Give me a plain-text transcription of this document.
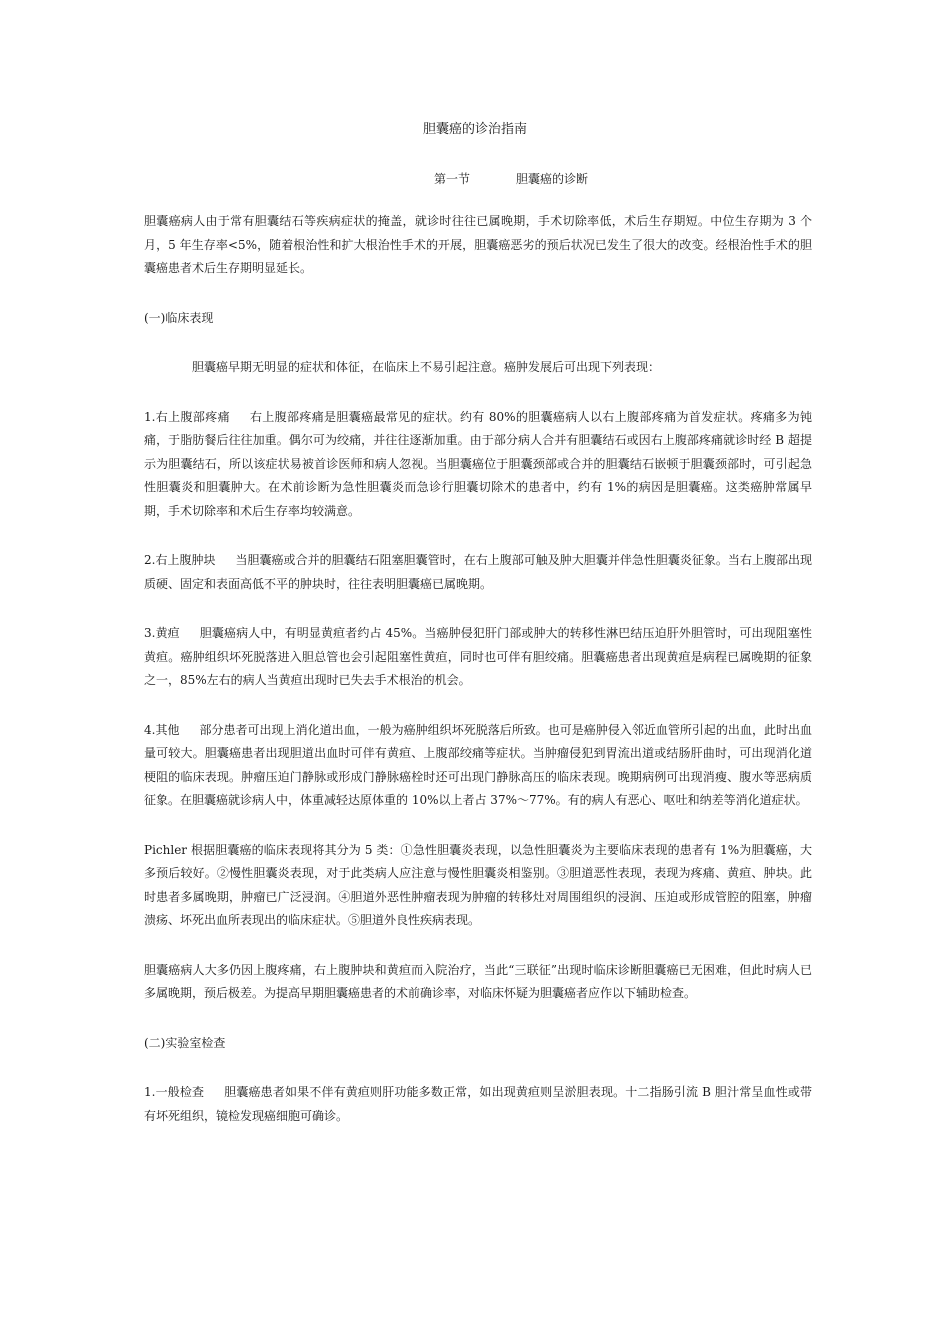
胆囊癌的诊治指南
第一节	胆囊癌的诊断

胆囊癌病人由于常有胆囊结石等疾病症状的掩盖，就诊时往往已属晚期，手术切除率低，术后生存期短。中位生存期为 3 个月，5 年生存率<5%，随着根治性和扩大根治性手术的开展，胆囊癌恶劣的预后状况已发生了很大的改变。经根治性手术的胆囊癌患者术后生存期明显延长。

(一)临床表现

胆囊癌早期无明显的症状和体征，在临床上不易引起注意。癌肿发展后可出现下列表现：

1.右上腹部疼痛 右上腹部疼痛是胆囊癌最常见的症状。约有 80%的胆囊癌病人以右上腹部疼痛为首发症状。疼痛多为钝痛，于脂肪餐后往往加重。偶尔可为绞痛，并往往逐渐加重。由于部分病人合并有胆囊结石或因右上腹部疼痛就诊时经 B 超提示为胆囊结石，所以该症状易被首诊医师和病人忽视。当胆囊癌位于胆囊颈部或合并的胆囊结石嵌顿于胆囊颈部时，可引起急性胆囊炎和胆囊肿大。在术前诊断为急性胆囊炎而急诊行胆囊切除术的患者中，约有 1%的病因是胆囊癌。这类癌肿常属早期，手术切除率和术后生存率均较满意。

2.右上腹肿块 当胆囊癌或合并的胆囊结石阻塞胆囊管时，在右上腹部可触及肿大胆囊并伴急性胆囊炎征象。当右上腹部出现质硬、固定和表面高低不平的肿块时，往往表明胆囊癌已属晚期。

3.黄疸 胆囊癌病人中，有明显黄疸者约占 45%。当癌肿侵犯肝门部或肿大的转移性淋巴结压迫肝外胆管时，可出现阻塞性黄疸。癌肿组织坏死脱落进入胆总管也会引起阻塞性黄疸，同时也可伴有胆绞痛。胆囊癌患者出现黄疸是病程已属晚期的征象之一，85%左右的病人当黄疸出现时已失去手术根治的机会。

4.其他 部分患者可出现上消化道出血，一般为癌肿组织坏死脱落后所致。也可是癌肿侵入邻近血管所引起的出血，此时出血量可较大。胆囊癌患者出现胆道出血时可伴有黄疸、上腹部绞痛等症状。当肿瘤侵犯到胃流出道或结肠肝曲时，可出现消化道梗阻的临床表现。肿瘤压迫门静脉或形成门静脉癌栓时还可出现门静脉高压的临床表现。晚期病例可出现消瘦、腹水等恶病质征象。在胆囊癌就诊病人中，体重减轻达原体重的 10%以上者占 37%～77%。有的病人有恶心、呕吐和纳差等消化道症状。

Pichler 根据胆囊癌的临床表现将其分为 5 类：①急性胆囊炎表现，以急性胆囊炎为主要临床表现的患者有 1%为胆囊癌，大多预后较好。②慢性胆囊炎表现，对于此类病人应注意与慢性胆囊炎相鉴别。③胆道恶性表现，表现为疼痛、黄疸、肿块。此时患者多属晚期，肿瘤已广泛浸润。④胆道外恶性肿瘤表现为肿瘤的转移灶对周围组织的浸润、压迫或形成管腔的阻塞，肿瘤溃疡、坏死出血所表现出的临床症状。⑤胆道外良性疾病表现。

胆囊癌病人大多仍因上腹疼痛，右上腹肿块和黄疸而入院治疗，当此“三联征”出现时临床诊断胆囊癌已无困难，但此时病人已多属晚期，预后极差。为提高早期胆囊癌患者的术前确诊率，对临床怀疑为胆囊癌者应作以下辅助检查。

(二)实验室检查

1.一般检查 胆囊癌患者如果不伴有黄疸则肝功能多数正常，如出现黄疸则呈淤胆表现。十二指肠引流 B 胆汁常呈血性或带有坏死组织，镜检发现癌细胞可确诊。
